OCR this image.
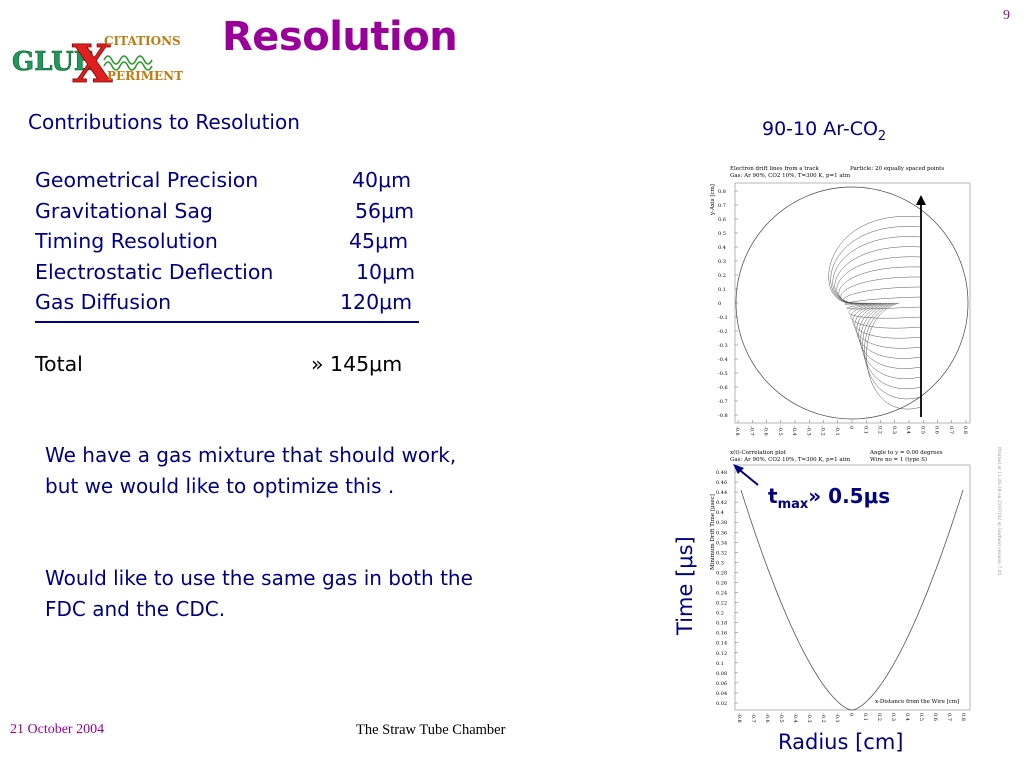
GLUE
X
CITATIONS
PERIMENT
Resolution	9
Contributions to Resolution	90-10 $Ar-CO_2$
Geometrical Precision	40μm
Gravitational Sag	56μm
Timing Resolution	45μm
Electrostatic Deflection	10μm
Gas Diffusion	120μm
Total	» 145μm
We have a gas mixture that should work, but we would like to optimize this .
Would like to use the same gas in both the FDC and the CDC.
Electron drift lines from a track
Gas: Ar 90%, CO2 10%, T=300 K, p=1 atm
Particle: 20 equally spaced points
y-Axis [cm] 0.8
0.7
0.6
0.5
0.4
0.3
0.2
0.1
0
-0.1
-0.2
-0.3
-0.4
-0.5
-0.6
-0.7
-0.8
-0.8 -0.7 -0.6 -0.5 -0.4 -0.3 -0.2 -0.1 0 0.1 0.2 0.3 0.4 0.5 0.6 0.7 0.8
x(t)-Correlation plot
Gas: Ar 90%, CO2 10%, T=300 K, p=1 atm
Angle to y = 0.00 degrees
Wire no = 1 (type S)
Minimum Drift Time [μsec]
x-Distance from the Wire [cm]
0.48
0.46
0.44
0.42
0.4
0.38
0.36
0.34
0.32
0.3
0.28
0.26
0.24
0.22
0.2
0.18
0.16
0.14
0.12
0.1
0.08
0.06
0.04
0.02
-0.8 -0.7 -0.6 -0.5 -0.4 -0.3 -0.2 -0.1 0 0.1 0.2 0.3 0.4 0.5 0.6 0.7 0.8
Printed at 11:26:38 on 22/07/02 at Garfield version 7.05
$t_{max}$» 0.5μs
Time [μs]
Radius [cm]
21 October 2004	The Straw Tube Chamber
